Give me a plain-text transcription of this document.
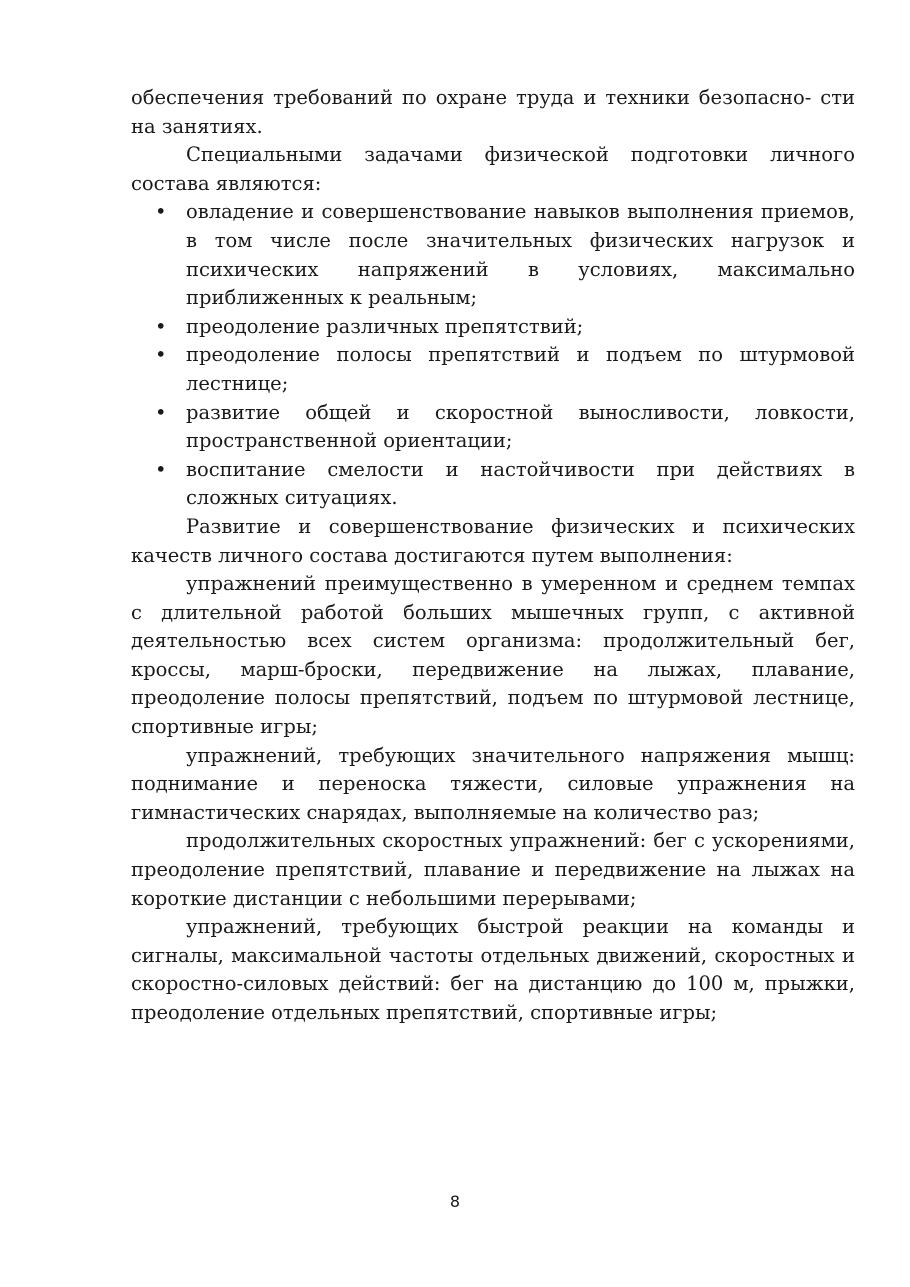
обеспечения требований по охране труда и техники безопасно- сти на занятиях.

Специальными задачами физической подготовки личного состава являются:

• овладение и совершенствование навыков выполнения приемов, в том числе после значительных физических нагрузок и психических напряжений в условиях, максимально приближенных к реальным;
• преодоление различных препятствий;
• преодоление полосы препятствий и подъем по штурмовой лестнице;
• развитие общей и скоростной выносливости, ловкости, пространственной ориентации;
• воспитание смелости и настойчивости при действиях в сложных ситуациях.

Развитие и совершенствование физических и психических качеств личного состава достигаются путем выполнения:

упражнений преимущественно в умеренном и среднем темпах с длительной работой больших мышечных групп, с активной деятельностью всех систем организма: продолжительный бег, кроссы, марш-броски, передвижение на лыжах, плавание, преодоление полосы препятствий, подъем по штурмовой лестнице, спортивные игры;

упражнений, требующих значительного напряжения мышц: поднимание и переноска тяжести, силовые упражнения на гимнастических снарядах, выполняемые на количество раз;

продолжительных скоростных упражнений: бег с ускорениями, преодоление препятствий, плавание и передвижение на лыжах на короткие дистанции с небольшими перерывами;

упражнений, требующих быстрой реакции на команды и сигналы, максимальной частоты отдельных движений, скоростных и скоростно-силовых действий: бег на дистанцию до 100 м, прыжки, преодоление отдельных препятствий, спортивные игры;

8
